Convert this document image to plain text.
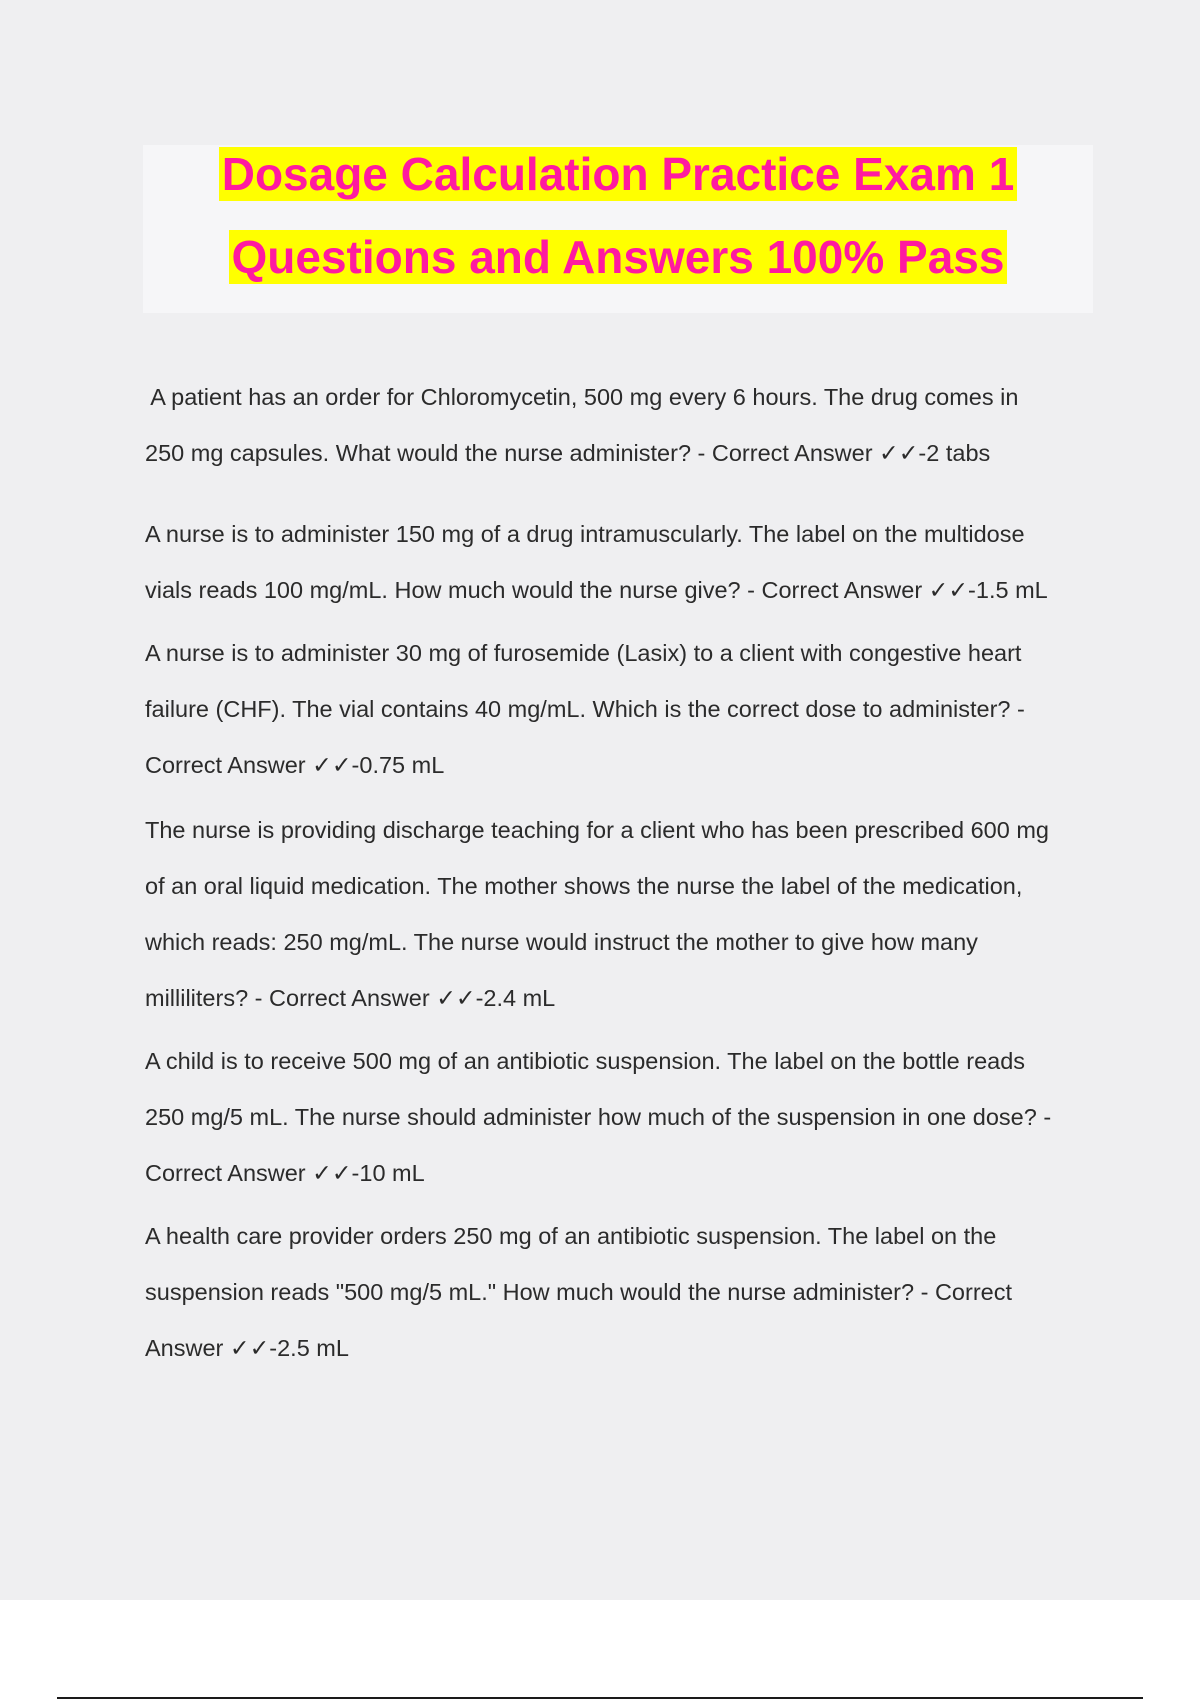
Dosage Calculation Practice Exam 1
Questions and Answers 100% Pass

A patient has an order for Chloromycetin, 500 mg every 6 hours. The drug comes in
250 mg capsules. What would the nurse administer? - Correct Answer ✓✓-2 tabs

A nurse is to administer 150 mg of a drug intramuscularly. The label on the multidose
vials reads 100 mg/mL. How much would the nurse give? - Correct Answer ✓✓-1.5 mL

A nurse is to administer 30 mg of furosemide (Lasix) to a client with congestive heart
failure (CHF). The vial contains 40 mg/mL. Which is the correct dose to administer? -
Correct Answer ✓✓-0.75 mL

The nurse is providing discharge teaching for a client who has been prescribed 600 mg
of an oral liquid medication. The mother shows the nurse the label of the medication,
which reads: 250 mg/mL. The nurse would instruct the mother to give how many
milliliters? - Correct Answer ✓✓-2.4 mL

A child is to receive 500 mg of an antibiotic suspension. The label on the bottle reads
250 mg/5 mL. The nurse should administer how much of the suspension in one dose? -
Correct Answer ✓✓-10 mL

A health care provider orders 250 mg of an antibiotic suspension. The label on the
suspension reads "500 mg/5 mL." How much would the nurse administer? - Correct
Answer ✓✓-2.5 mL
